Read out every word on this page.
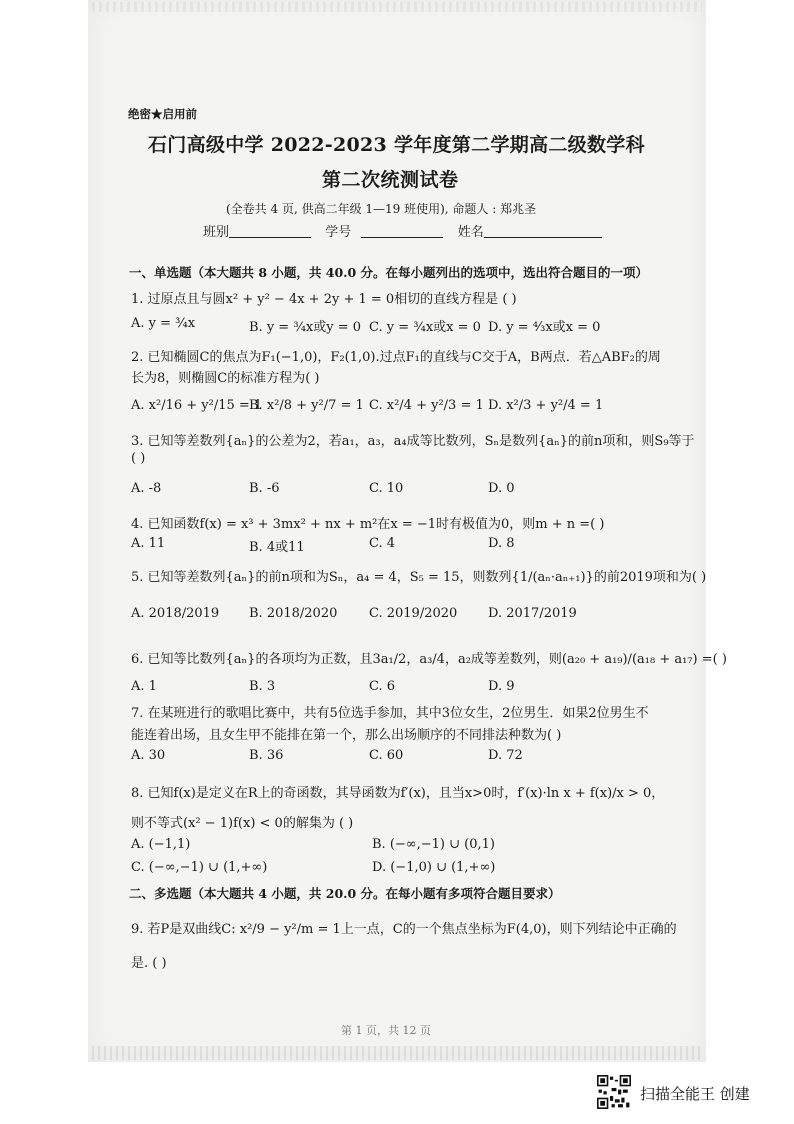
绝密★启用前
石门高级中学 2022-2023 学年度第二学期高二级数学科
第二次统测试卷
(全卷共 4 页, 供高二年级 1—19 班使用), 命题人 : 郑兆圣
班别	学号	姓名
一、单选题（本大题共 8 小题，共 40.0 分。在每小题列出的选项中，选出符合题目的一项）
1. 过原点且与圆x² + y² − 4x + 2y + 1 = 0相切的直线方程是 ( )
A. y = ¾x	B. y = ¾x或y = 0 C. y = ¾x或x = 0 D. y = ⁴⁄₃x或x = 0
2. 已知椭圆C的焦点为F₁(−1,0)，F₂(1,0).过点F₁的直线与C交于A，B两点．若△ABF₂的周
长为8，则椭圆C的标准方程为( )
A. x²/16 + y²/15 = 1
B. x²/8 + y²/7 = 1 C. x²/4 + y²/3 = 1 D. x²/3 + y²/4 = 1
3. 已知等差数列{aₙ}的公差为2，若a₁，a₃，a₄成等比数列，Sₙ是数列{aₙ}的前n项和，则S₉等于
( )
A. -8	B. -6	C. 10	D. 0
4. 已知函数f(x) = x³ + 3mx² + nx + m²在x = −1时有极值为0，则m + n =( )
A. 11	B. 4或11	C. 4	D. 8
5. 已知等差数列{aₙ}的前n项和为Sₙ，a₄ = 4，S₅ = 15，则数列{1/(aₙ·aₙ₊₁)}的前2019项和为( )
A. 2018/2019 B. 2018/2020 C. 2019/2020 D. 2017/2019
6. 已知等比数列{aₙ}的各项均为正数，且3a₁/2，a₃/4，a₂成等差数列，则(a₂₀ + a₁₉)/(a₁₈ + a₁₇) =( )
A. 1	B. 3	C. 6	D. 9
7. 在某班进行的歌唱比赛中，共有5位选手参加，其中3位女生，2位男生．如果2位男生不
能连着出场，且女生甲不能排在第一个，那么出场顺序的不同排法种数为( )
A. 30	B. 36	C. 60	D. 72
8. 已知f(x)是定义在R上的奇函数，其导函数为f′(x)，且当x>0时，f′(x)·ln x + f(x)/x > 0，
则不等式(x² − 1)f(x) < 0的解集为 ( )
A. (−1,1)	B. (−∞,−1) ∪ (0,1)
C. (−∞,−1) ∪ (1,+∞)	D. (−1,0) ∪ (1,+∞)
二、多选题（本大题共 4 小题，共 20.0 分。在每小题有多项符合题目要求）
9. 若P是双曲线C: x²/9 − y²/m = 1上一点，C的一个焦点坐标为F(4,0)，则下列结论中正确的
是. ( )
第 1 页，共 12 页
扫描全能王 创建
